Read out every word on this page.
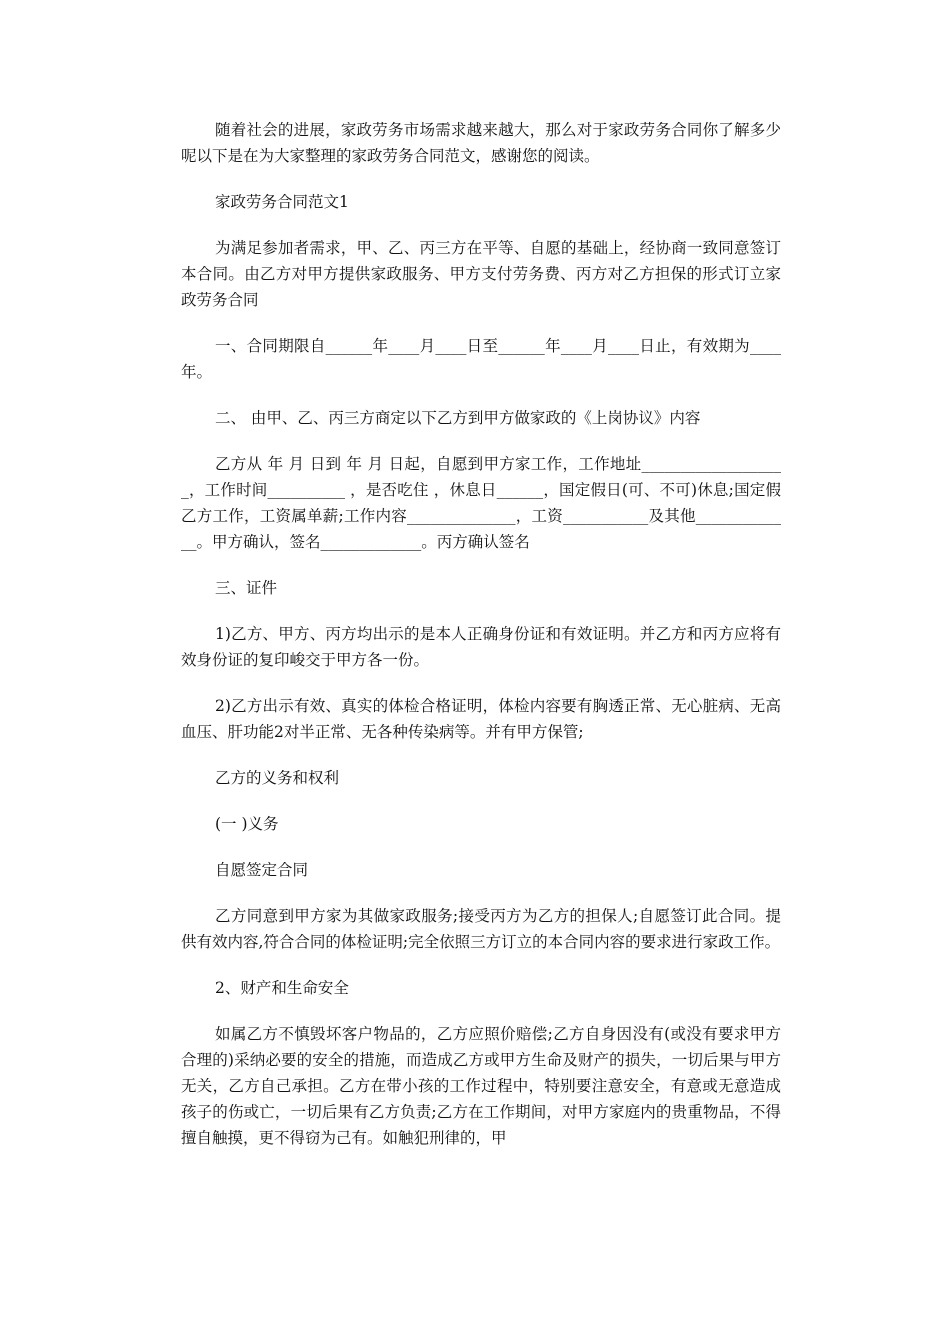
随着社会的进展，家政劳务市场需求越来越大，那么对于家政劳务合同你了解多少呢以下是在为大家整理的家政劳务合同范文，感谢您的阅读。

家政劳务合同范文1

为满足参加者需求，甲、乙、丙三方在平等、自愿的基础上，经协商一致同意签订本合同。由乙方对甲方提供家政服务、甲方支付劳务费、丙方对乙方担保的形式订立家政劳务合同

一、合同期限自______年____月____日至______年____月____日止，有效期为____年。

二、 由甲、乙、丙三方商定以下乙方到甲方做家政的《上岗协议》内容

乙方从 年 月 日到 年 月 日起，自愿到甲方家工作，工作地址___________________，工作时间__________ ，是否吃住 ，休息日______，国定假日(可、不可)休息;国定假乙方工作，工资属单薪;工作内容______________，工资___________及其他_____________。甲方确认，签名_____________。丙方确认签名

三、证件

1)乙方、甲方、丙方均出示的是本人正确身份证和有效证明。并乙方和丙方应将有效身份证的复印峻交于甲方各一份。

2)乙方出示有效、真实的体检合格证明，体检内容要有胸透正常、无心脏病、无高血压、肝功能2对半正常、无各种传染病等。并有甲方保管;

乙方的义务和权利

(一 )义务

自愿签定合同

乙方同意到甲方家为其做家政服务;接受丙方为乙方的担保人;自愿签订此合同。提供有效内容,符合合同的体检证明;完全依照三方订立的本合同内容的要求进行家政工作。

2、财产和生命安全

如属乙方不慎毁坏客户物品的，乙方应照价赔偿;乙方自身因没有(或没有要求甲方合理的)采纳必要的安全的措施，而造成乙方或甲方生命及财产的损失，一切后果与甲方无关，乙方自己承担。乙方在带小孩的工作过程中，特别要注意安全，有意或无意造成孩子的伤或亡，一切后果有乙方负责;乙方在工作期间，对甲方家庭内的贵重物品，不得擅自触摸，更不得窃为己有。如触犯刑律的，甲
